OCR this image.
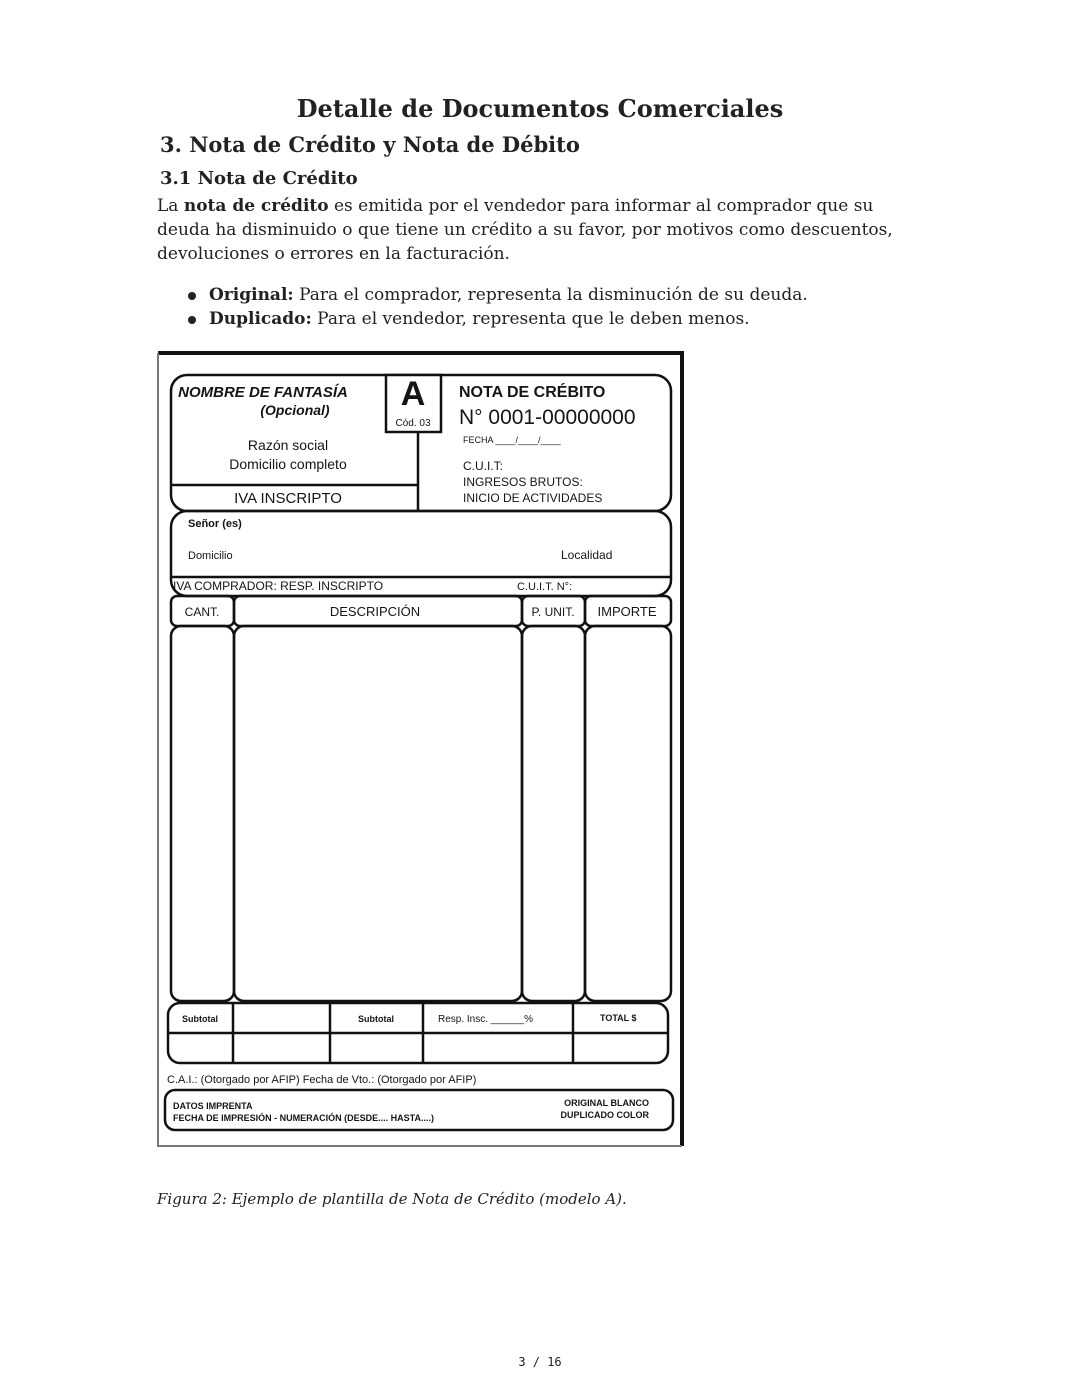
Detalle de Documentos Comerciales
3. Nota de Crédito y Nota de Débito
3.1 Nota de Crédito

La nota de crédito es emitida por el vendedor para informar al comprador que su deuda ha disminuido o que tiene un crédito a su favor, por motivos como descuentos, devoluciones o errores en la facturación.

Original: Para el comprador, representa la disminución de su deuda.
Duplicado: Para el vendedor, representa que le deben menos.
NOMBRE DE FANTASÍA
(Opcional)
Razón social
Domicilio completo
IVA INSCRIPTO
A
Cód. 03
NOTA DE CRÉBITO
N° 0001-00000000
FECHA ____/____/____
C.U.I.T:
INGRESOS BRUTOS:
INICIO DE ACTIVIDADES
Señor (es)
Domicilio	Localidad
IVA COMPRADOR: RESP. INSCRIPTO	C.U.I.T. N°:
CANT.	DESCRIPCIÓN	P. UNIT. IMPORTE
Subtotal	Subtotal	Resp. Insc. ______%	TOTAL $
C.A.I.: (Otorgado por AFIP) Fecha de Vto.: (Otorgado por AFIP)
DATOS IMPRENTA
FECHA DE IMPRESIÓN - NUMERACIÓN (DESDE.... HASTA....)
ORIGINAL BLANCO
DUPLICADO COLOR

Figura 2: Ejemplo de plantilla de Nota de Crédito (modelo A).

3 / 16
